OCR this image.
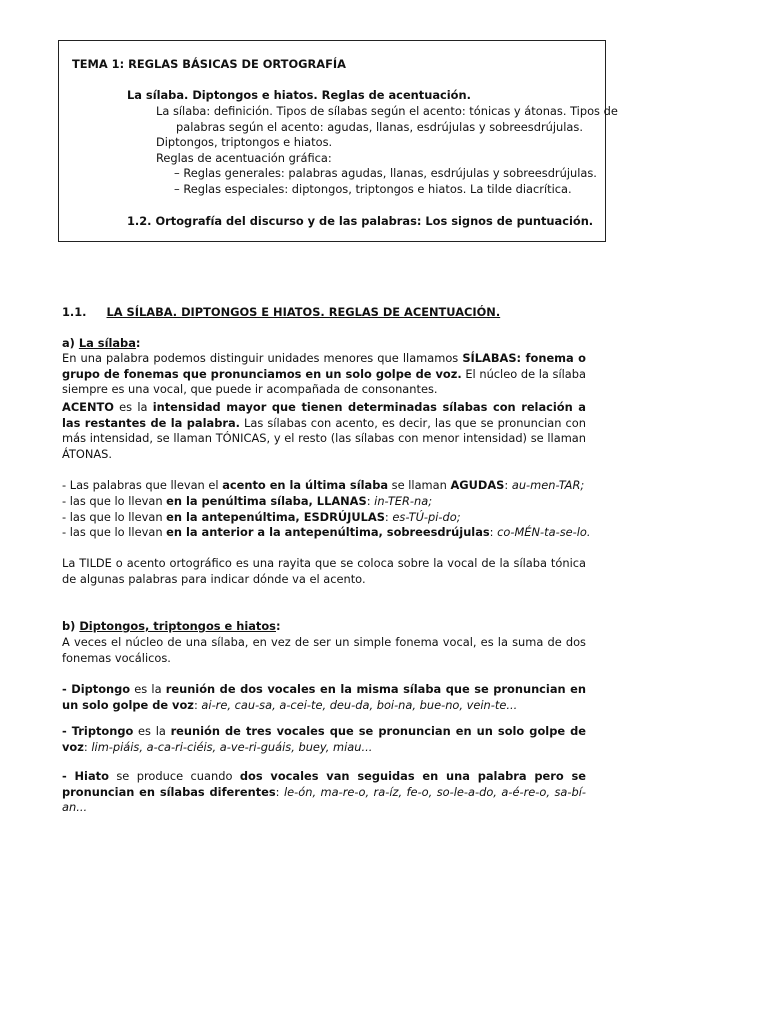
TEMA 1: REGLAS BÁSICAS DE ORTOGRAFÍA
La sílaba. Diptongos e hiatos. Reglas de acentuación.
La sílaba: definición. Tipos de sílabas según el acento: tónicas y átonas. Tipos de
palabras según el acento: agudas, llanas, esdrújulas y sobreesdrújulas.
Diptongos, triptongos e hiatos.
Reglas de acentuación gráfica:
– Reglas generales: palabras agudas, llanas, esdrújulas y sobreesdrújulas.
– Reglas especiales: diptongos, triptongos e hiatos. La tilde diacrítica.
1.2. Ortografía del discurso y de las palabras: Los signos de puntuación.
1.1. LA SÍLABA. DIPTONGOS E HIATOS. REGLAS DE ACENTUACIÓN.
a) La sílaba:
En una palabra podemos distinguir unidades menores que llamamos SÍLABAS: fonema o grupo de fonemas que pronunciamos en un solo golpe de voz. El núcleo de la sílaba siempre es una vocal, que puede ir acompañada de consonantes.
ACENTO es la intensidad mayor que tienen determinadas sílabas con relación a las restantes de la palabra. Las sílabas con acento, es decir, las que se pronuncian con más intensidad, se llaman TÓNICAS, y el resto (las sílabas con menor intensidad) se llaman ÁTONAS.
- Las palabras que llevan el acento en la última sílaba se llaman AGUDAS: au-men-TAR;
- las que lo llevan en la penúltima sílaba, LLANAS: in-TER-na;
- las que lo llevan en la antepenúltima, ESDRÚJULAS: es-TÚ-pi-do;
- las que lo llevan en la anterior a la antepenúltima, sobreesdrújulas: co-MÉN-ta-se-lo.
La TILDE o acento ortográfico es una rayita que se coloca sobre la vocal de la sílaba tónica de algunas palabras para indicar dónde va el acento.
b) Diptongos, triptongos e hiatos:
A veces el núcleo de una sílaba, en vez de ser un simple fonema vocal, es la suma de dos fonemas vocálicos.
- Diptongo es la reunión de dos vocales en la misma sílaba que se pronuncian en un solo golpe de voz: ai-re, cau-sa, a-cei-te, deu-da, boi-na, bue-no, vein-te...
- Triptongo es la reunión de tres vocales que se pronuncian en un solo golpe de voz: lim-piáis, a-ca-ri-ciéis, a-ve-ri-guáis, buey, miau...
- Hiato se produce cuando dos vocales van seguidas en una palabra pero se pronuncian en sílabas diferentes: le-ón, ma-re-o, ra-íz, fe-o, so-le-a-do, a-é-re-o, sa-bí-an...
